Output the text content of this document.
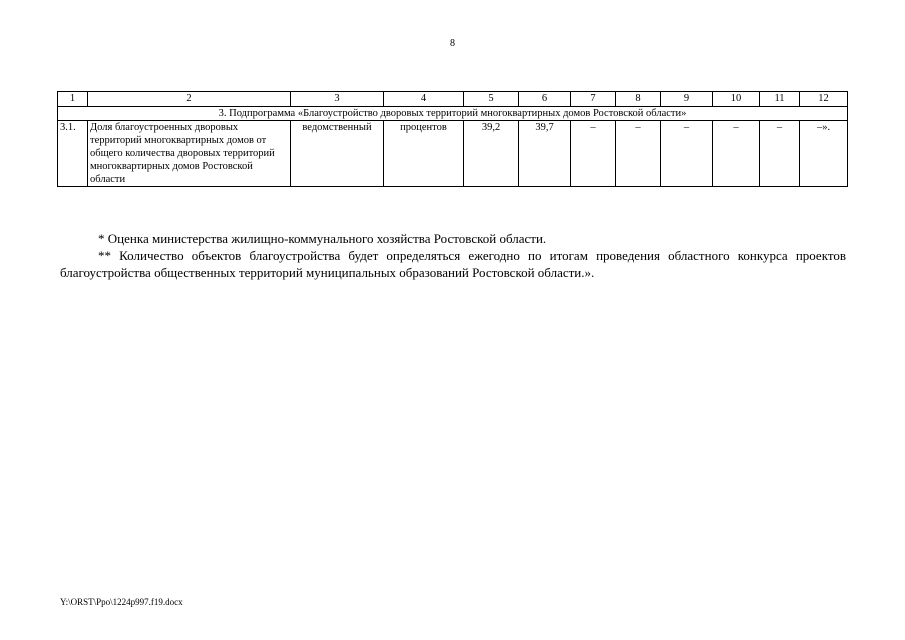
8
1	2	3	4	5	6	7	8	9	10	11	12
3. Подпрограмма «Благоустройство дворовых территорий многоквартирных домов Ростовской области»											
3.1.	Доля благоустроенных дворовых территорий многоквартирных домов от общего количества дворовых территорий многоквартирных домов Ростовской области	ведомственный	процентов	39,2	39,7	–	–	–	–	–	–».

* Оценка министерства жилищно-коммунального хозяйства Ростовской области.

** Количество объектов благоустройства будет определяться ежегодно по итогам проведения областного конкурса проектов благоустройства общественных территорий муниципальных образований Ростовской области.».

Y:\ORST\Ppo\1224p997.f19.docx
